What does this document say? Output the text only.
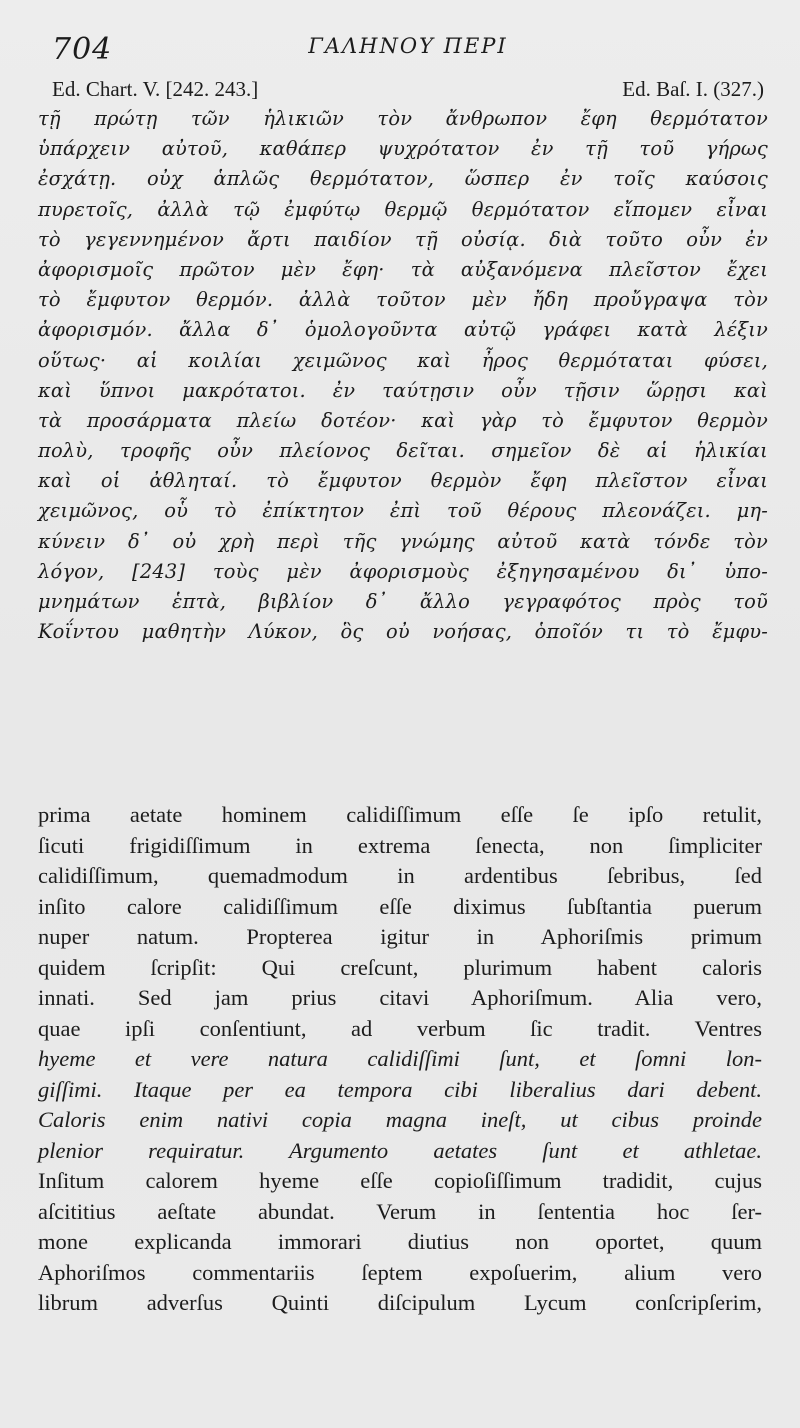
704	ΓΑΛΗΝΟΥ ΠΕΡΙ
Ed. Chart. V. [242. 243.]	Ed. Baſ. I. (327.)
τῇ πρώτῃ τῶν ἡλικιῶν τὸν ἄνθρωπον ἔφη θερμότατον
ὑπάρχειν αὐτοῦ, καθάπερ ψυχρότατον ἐν τῇ τοῦ γήρως
ἐσχάτῃ. οὐχ ἁπλῶς θερμότατον, ὥσπερ ἐν τοῖς καύσοις
πυρετοῖς, ἀλλὰ τῷ ἐμφύτῳ θερμῷ θερμότατον εἴπομεν εἶναι
τὸ γεγεννημένον ἄρτι παιδίον τῇ οὐσίᾳ. διὰ τοῦτο οὖν ἐν
ἀφορισμοῖς πρῶτον μὲν ἔφη· τὰ αὐξανόμενα πλεῖστον ἔχει
τὸ ἔμφυτον θερμόν. ἀλλὰ τοῦτον μὲν ἤδη προὔγραψα τὸν
ἀφορισμόν. ἄλλα δ᾽ ὁμολογοῦντα αὐτῷ γράφει κατὰ λέξιν
οὕτως· αἱ κοιλίαι χειμῶνος καὶ ἦρος θερμόταται φύσει,
καὶ ὕπνοι μακρότατοι. ἐν ταύτῃσιν οὖν τῇσιν ὥρῃσι καὶ
τὰ προσάρματα πλείω δοτέον· καὶ γὰρ τὸ ἔμφυτον θερμὸν
πολὺ, τροφῆς οὖν πλείονος δεῖται. σημεῖον δὲ αἱ ἡλικίαι
καὶ οἱ ἀθληταί. τὸ ἔμφυτον θερμὸν ἔφη πλεῖστον εἶναι
χειμῶνος, οὗ τὸ ἐπίκτητον ἐπὶ τοῦ θέρους πλεονάζει. μη-
κύνειν δ᾽ οὐ χρὴ περὶ τῆς γνώμης αὐτοῦ κατὰ τόνδε τὸν
λόγον, [243] τοὺς μὲν ἀφορισμοὺς ἐξηγησαμένου δι᾽ ὑπο-
μνημάτων ἑπτὰ, βιβλίον δ᾽ ἄλλο γεγραφότος πρὸς τοῦ
Κοΐντου μαθητὴν Λύκον, ὃς οὐ νοήσας, ὁποῖόν τι τὸ ἔμφυ-
prima aetate hominem calidiſſimum eſſe ſe ipſo retulit,
ſicuti frigidiſſimum in extrema ſenecta, non ſimpliciter
calidiſſimum, quemadmodum in ardentibus ſebribus, ſed
inſito calore calidiſſimum eſſe diximus ſubſtantia puerum
nuper natum. Propterea igitur in Aphoriſmis primum
quidem ſcripſit: Qui creſcunt, plurimum habent caloris
innati. Sed jam prius citavi Aphoriſmum. Alia vero,
quae ipſi conſentiunt, ad verbum ſic tradit. Ventres
hyeme et vere natura calidiſſimi ſunt, et ſomni lon-
giſſimi. Itaque per ea tempora cibi liberalius dari debent.
Caloris enim nativi copia magna ineſt, ut cibus proinde
plenior requiratur. Argumento aetates ſunt et athletae.
Inſitum calorem hyeme eſſe copioſiſſimum tradidit, cujus
aſcititius aeſtate abundat. Verum in ſententia hoc ſer-
mone explicanda immorari diutius non oportet, quum
Aphoriſmos commentariis ſeptem expoſuerim, alium vero
librum adverſus Quinti diſcipulum Lycum conſcripſerim,
